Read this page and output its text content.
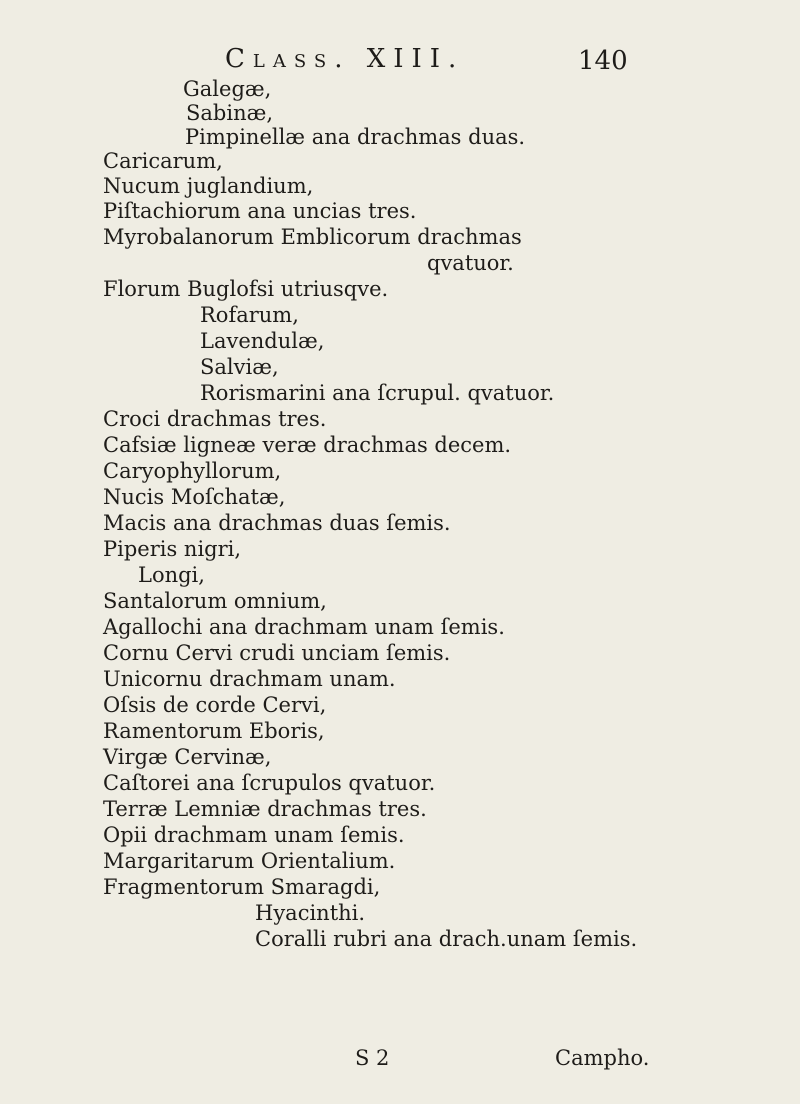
Class. XIII.	140
Galegæ,
Sabinæ,
Pimpinellæ ana drachmas duas.
Caricarum,
Nucum juglandium,
Piſtachiorum ana uncias tres.
Myrobalanorum Emblicorum drachmas
qvatuor.
Florum Buglofsi utriusqve.
Rofarum,
Lavendulæ,
Salviæ,
Rorismarini ana ſcrupul. qvatuor.
Croci drachmas tres.
Cafsiæ ligneæ veræ drachmas decem.
Caryophyllorum,
Nucis Moſchatæ,
Macis ana drachmas duas ſemis.
Piperis nigri,
Longi,
Santalorum omnium,
Agallochi ana drachmam unam ſemis.
Cornu Cervi crudi unciam ſemis.
Unicornu drachmam unam.
Oſsis de corde Cervi,
Ramentorum Eboris,
Virgæ Cervinæ,
Caſtorei ana ſcrupulos qvatuor.
Terræ Lemniæ drachmas tres.
Opii drachmam unam ſemis.
Margaritarum Orientalium.
Fragmentorum Smaragdi,
Hyacinthi.
Coralli rubri ana drach.unam ſemis.
S 2	Campho.
